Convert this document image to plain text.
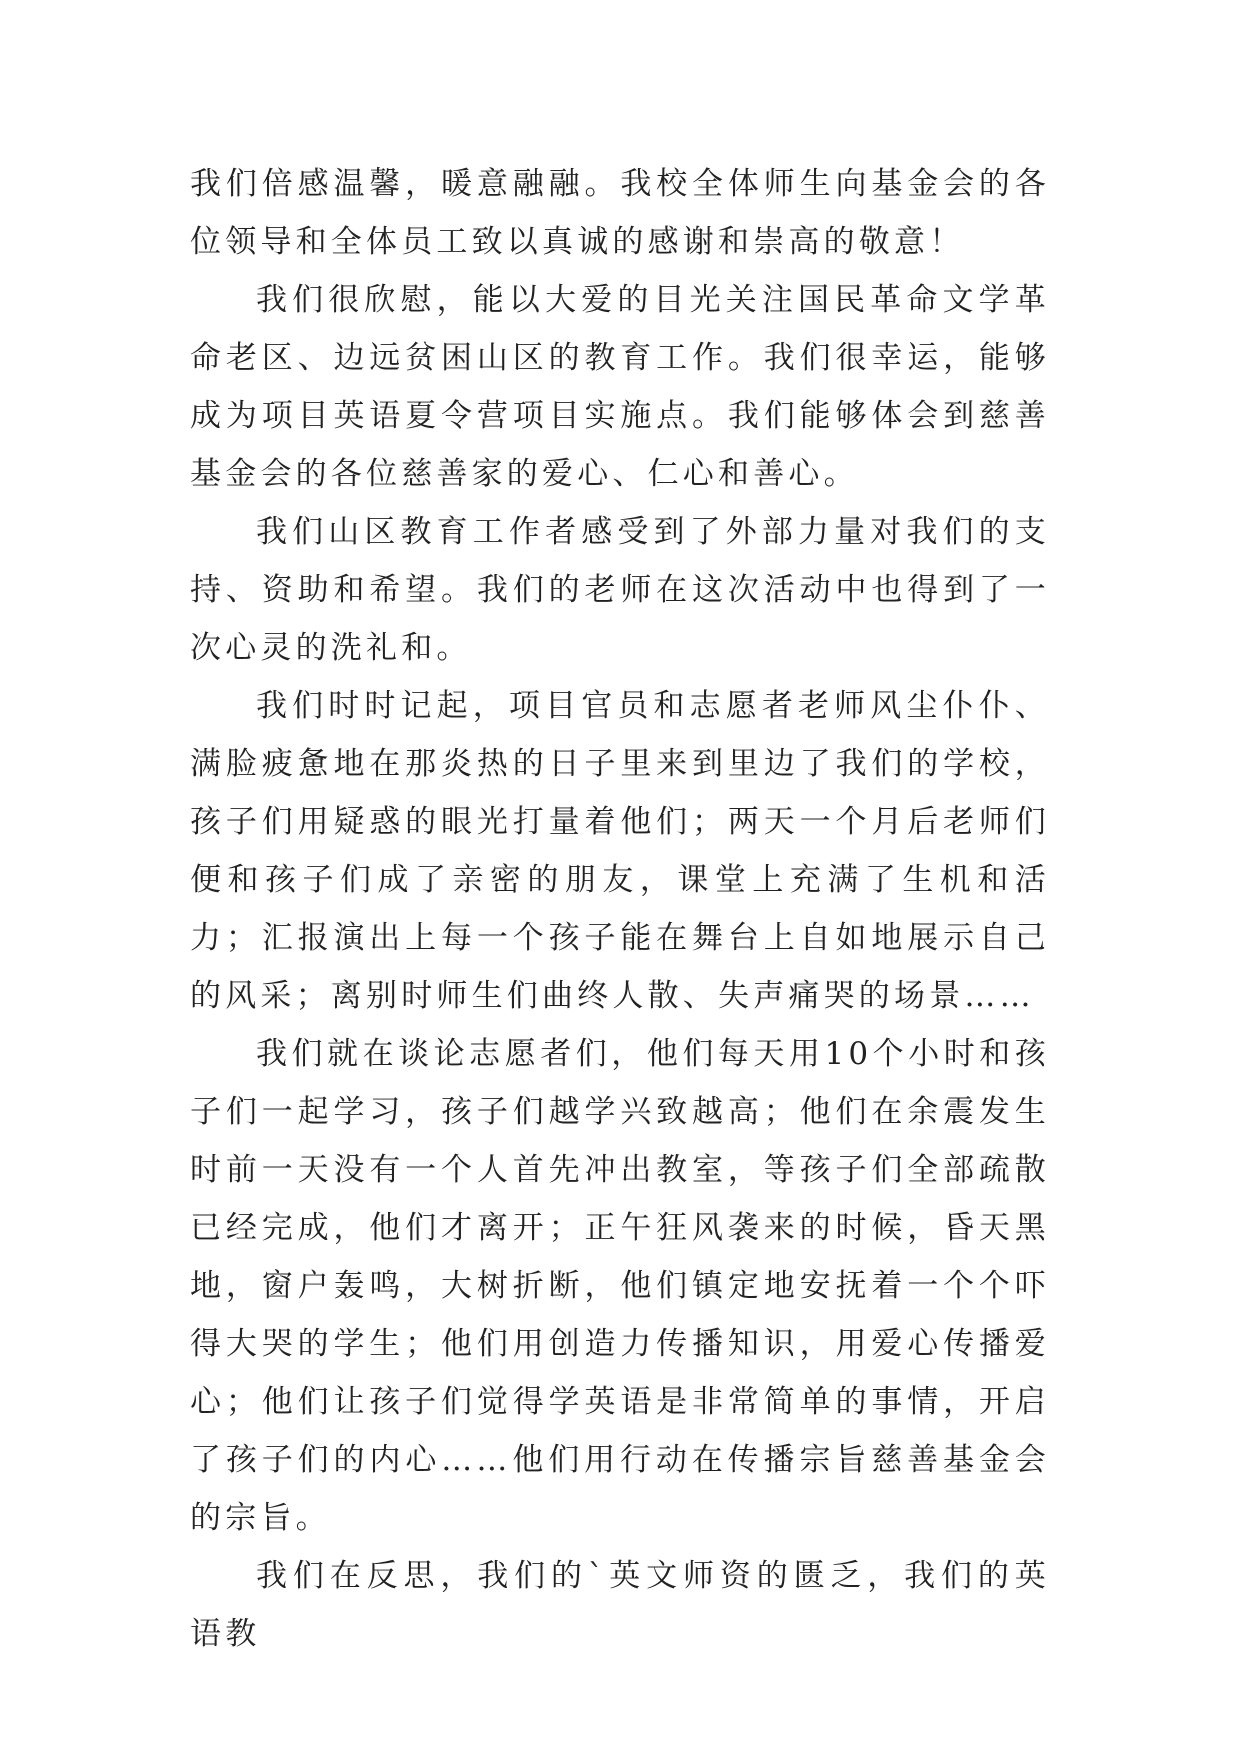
我们倍感温馨，暖意融融。我校全体师生向基金会的各位领导和全体员工致以真诚的感谢和崇高的敬意！

我们很欣慰，能以大爱的目光关注国民革命文学革命老区、边远贫困山区的教育工作。我们很幸运，能够成为项目英语夏令营项目实施点。我们能够体会到慈善基金会的各位慈善家的爱心、仁心和善心。

我们山区教育工作者感受到了外部力量对我们的支持、资助和希望。我们的老师在这次活动中也得到了一次心灵的洗礼和。

我们时时记起，项目官员和志愿者老师风尘仆仆、满脸疲惫地在那炎热的日子里来到里边了我们的学校，孩子们用疑惑的眼光打量着他们；两天一个月后老师们便和孩子们成了亲密的朋友，课堂上充满了生机和活力；汇报演出上每一个孩子能在舞台上自如地展示自己的风采；离别时师生们曲终人散、失声痛哭的场景……

我们就在谈论志愿者们，他们每天用10个小时和孩子们一起学习，孩子们越学兴致越高；他们在余震发生时前一天没有一个人首先冲出教室，等孩子们全部疏散已经完成，他们才离开；正午狂风袭来的时候，昏天黑地，窗户轰鸣，大树折断，他们镇定地安抚着一个个吓得大哭的学生；他们用创造力传播知识，用爱心传播爱心；他们让孩子们觉得学英语是非常简单的事情，开启了孩子们的内心……他们用行动在传播宗旨慈善基金会的宗旨。

我们在反思，我们的`英文师资的匮乏，我们的英语教
